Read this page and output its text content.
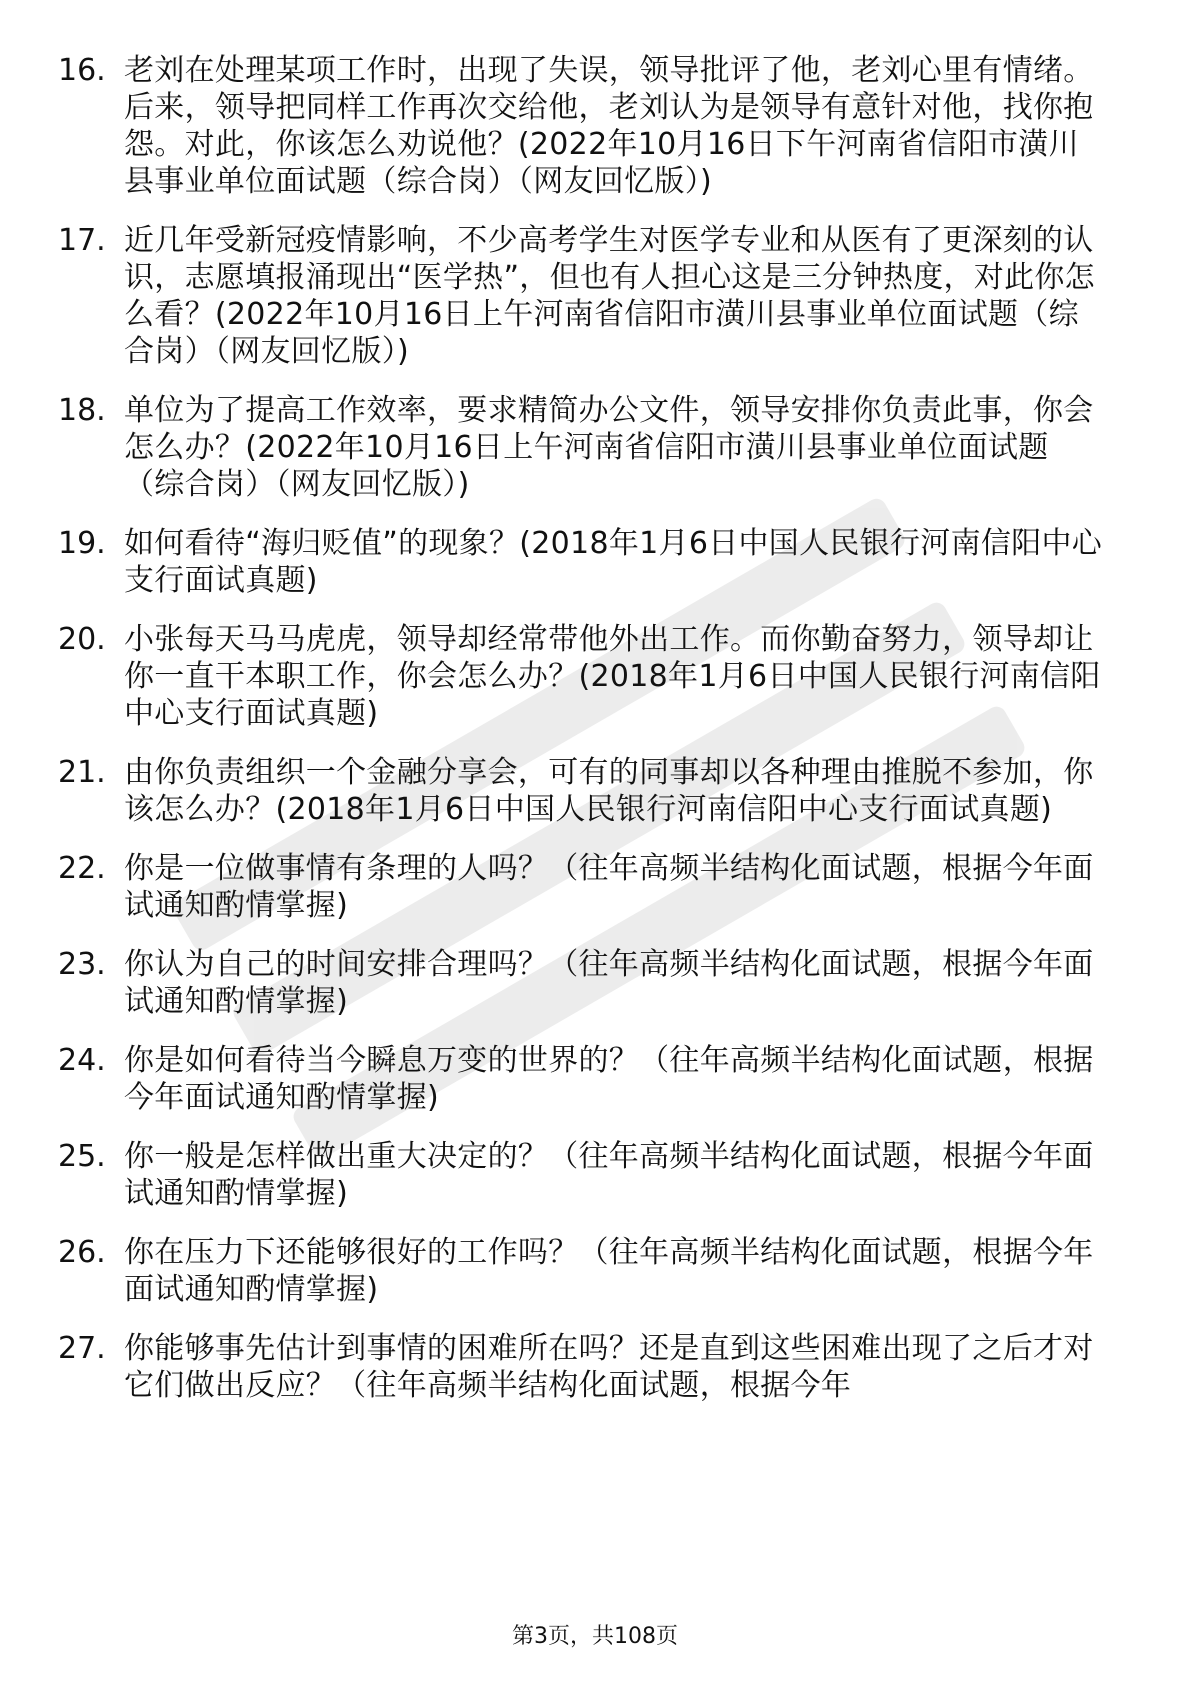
16. 老刘在处理某项工作时，出现了失误，领导批评了他，老刘心里有情绪。后来，领导把同样工作再次交给他，老刘认为是领导有意针对他，找你抱怨。对此，你该怎么劝说他？(2022年10月16日下午河南省信阳市潢川县事业单位面试题（综合岗）（网友回忆版）)
17. 近几年受新冠疫情影响，不少高考学生对医学专业和从医有了更深刻的认识，志愿填报涌现出“医学热”，但也有人担心这是三分钟热度，对此你怎么看？(2022年10月16日上午河南省信阳市潢川县事业单位面试题（综合岗）（网友回忆版）)
18. 单位为了提高工作效率，要求精简办公文件，领导安排你负责此事，你会怎么办？(2022年10月16日上午河南省信阳市潢川县事业单位面试题（综合岗）（网友回忆版）)
19. 如何看待“海归贬值”的现象？(2018年1月6日中国人民银行河南信阳中心支行面试真题)
20. 小张每天马马虎虎，领导却经常带他外出工作。而你勤奋努力，领导却让你一直干本职工作，你会怎么办？(2018年1月6日中国人民银行河南信阳中心支行面试真题)
21. 由你负责组织一个金融分享会，可有的同事却以各种理由推脱不参加，你该怎么办？(2018年1月6日中国人民银行河南信阳中心支行面试真题)
22. 你是一位做事情有条理的人吗？（往年高频半结构化面试题，根据今年面试通知酌情掌握)
23. 你认为自己的时间安排合理吗？（往年高频半结构化面试题，根据今年面试通知酌情掌握)
24. 你是如何看待当今瞬息万变的世界的？（往年高频半结构化面试题，根据今年面试通知酌情掌握)
25. 你一般是怎样做出重大决定的？（往年高频半结构化面试题，根据今年面试通知酌情掌握)
26. 你在压力下还能够很好的工作吗？（往年高频半结构化面试题，根据今年面试通知酌情掌握)
27. 你能够事先估计到事情的困难所在吗？还是直到这些困难出现了之后才对它们做出反应？（往年高频半结构化面试题，根据今年
第3页，共108页
